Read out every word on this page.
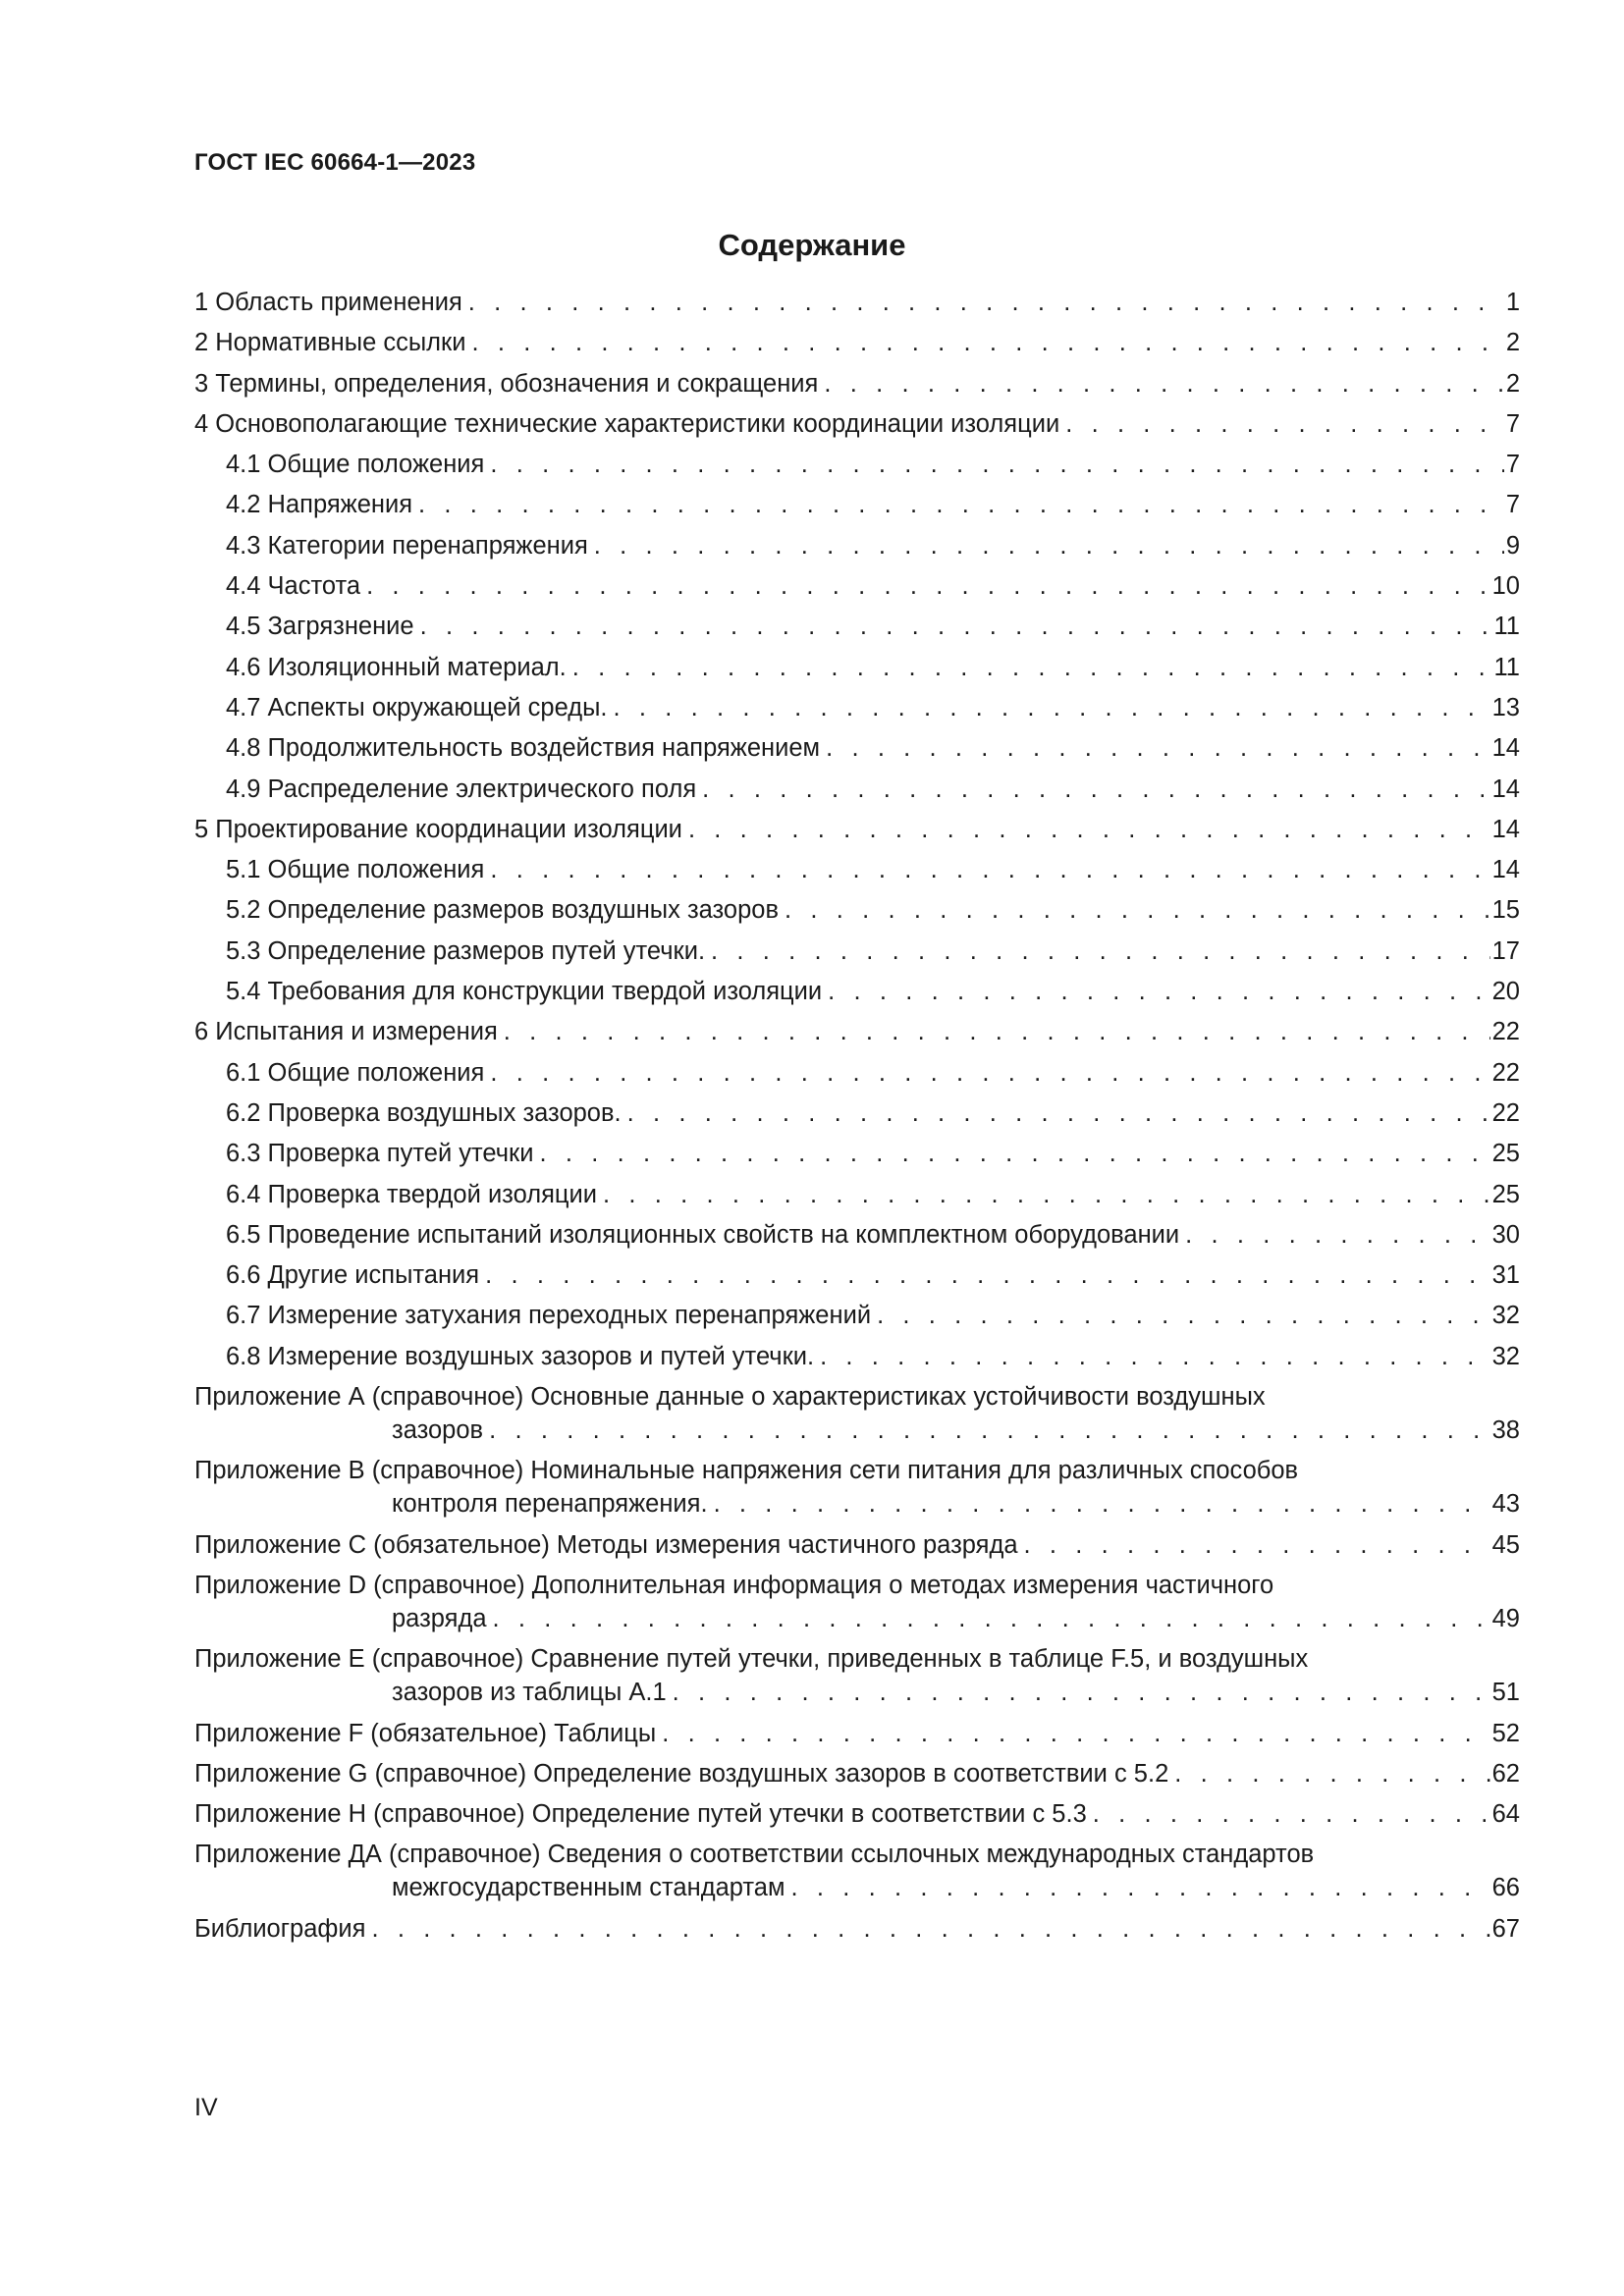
ГОСТ IEC 60664-1—2023
Содержание
1 Область применения . . .	1
2 Нормативные ссылки . . .	2
3 Термины, определения, обозначения и сокращения . . .	2
4 Основополагающие технические характеристики координации изоляции . . .	7
4.1 Общие положения . . .	7
4.2 Напряжения . . .	7
4.3 Категории перенапряжения . . .	9
4.4 Частота . . .	10
4.5 Загрязнение . . .	11
4.6 Изоляционный материал. . . .	11
4.7 Аспекты окружающей среды. . . .	13
4.8 Продолжительность воздействия напряжением . . .	14
4.9 Распределение электрического поля . . .	14
5 Проектирование координации изоляции . . .	14
5.1 Общие положения . . .	14
5.2 Определение размеров воздушных зазоров . . .	15
5.3 Определение размеров путей утечки. . . .	17
5.4 Требования для конструкции твердой изоляции . . .	20
6 Испытания и измерения . . .	22
6.1 Общие положения . . .	22
6.2 Проверка воздушных зазоров. . . .	22
6.3 Проверка путей утечки . . .	25
6.4 Проверка твердой изоляции . . .	25
6.5 Проведение испытаний изоляционных свойств на комплектном оборудовании . . .	30
6.6 Другие испытания . . .	31
6.7 Измерение затухания переходных перенапряжений . . .	32
6.8 Измерение воздушных зазоров и путей утечки. . . .	32
Приложение А (справочное) Основные данные о характеристиках устойчивости воздушных
зазоров . . .	38
Приложение В (справочное) Номинальные напряжения сети питания для различных способов
контроля перенапряжения. . . .	43
Приложение С (обязательное) Методы измерения частичного разряда . . .	45
Приложение D (справочное) Дополнительная информация о методах измерения частичного
разряда . . .	49
Приложение Е (справочное) Сравнение путей утечки, приведенных в таблице F.5, и воздушных
зазоров из таблицы А.1 . . .	51
Приложение F (обязательное) Таблицы . . .	52
Приложение G (справочное) Определение воздушных зазоров в соответствии с 5.2 . . .	62
Приложение Н (справочное) Определение путей утечки в соответствии с 5.3 . . .	64
Приложение ДА (справочное) Сведения о соответствии ссылочных международных стандартов
межгосударственным стандартам . . .	66
Библиография . . .	67
IV
